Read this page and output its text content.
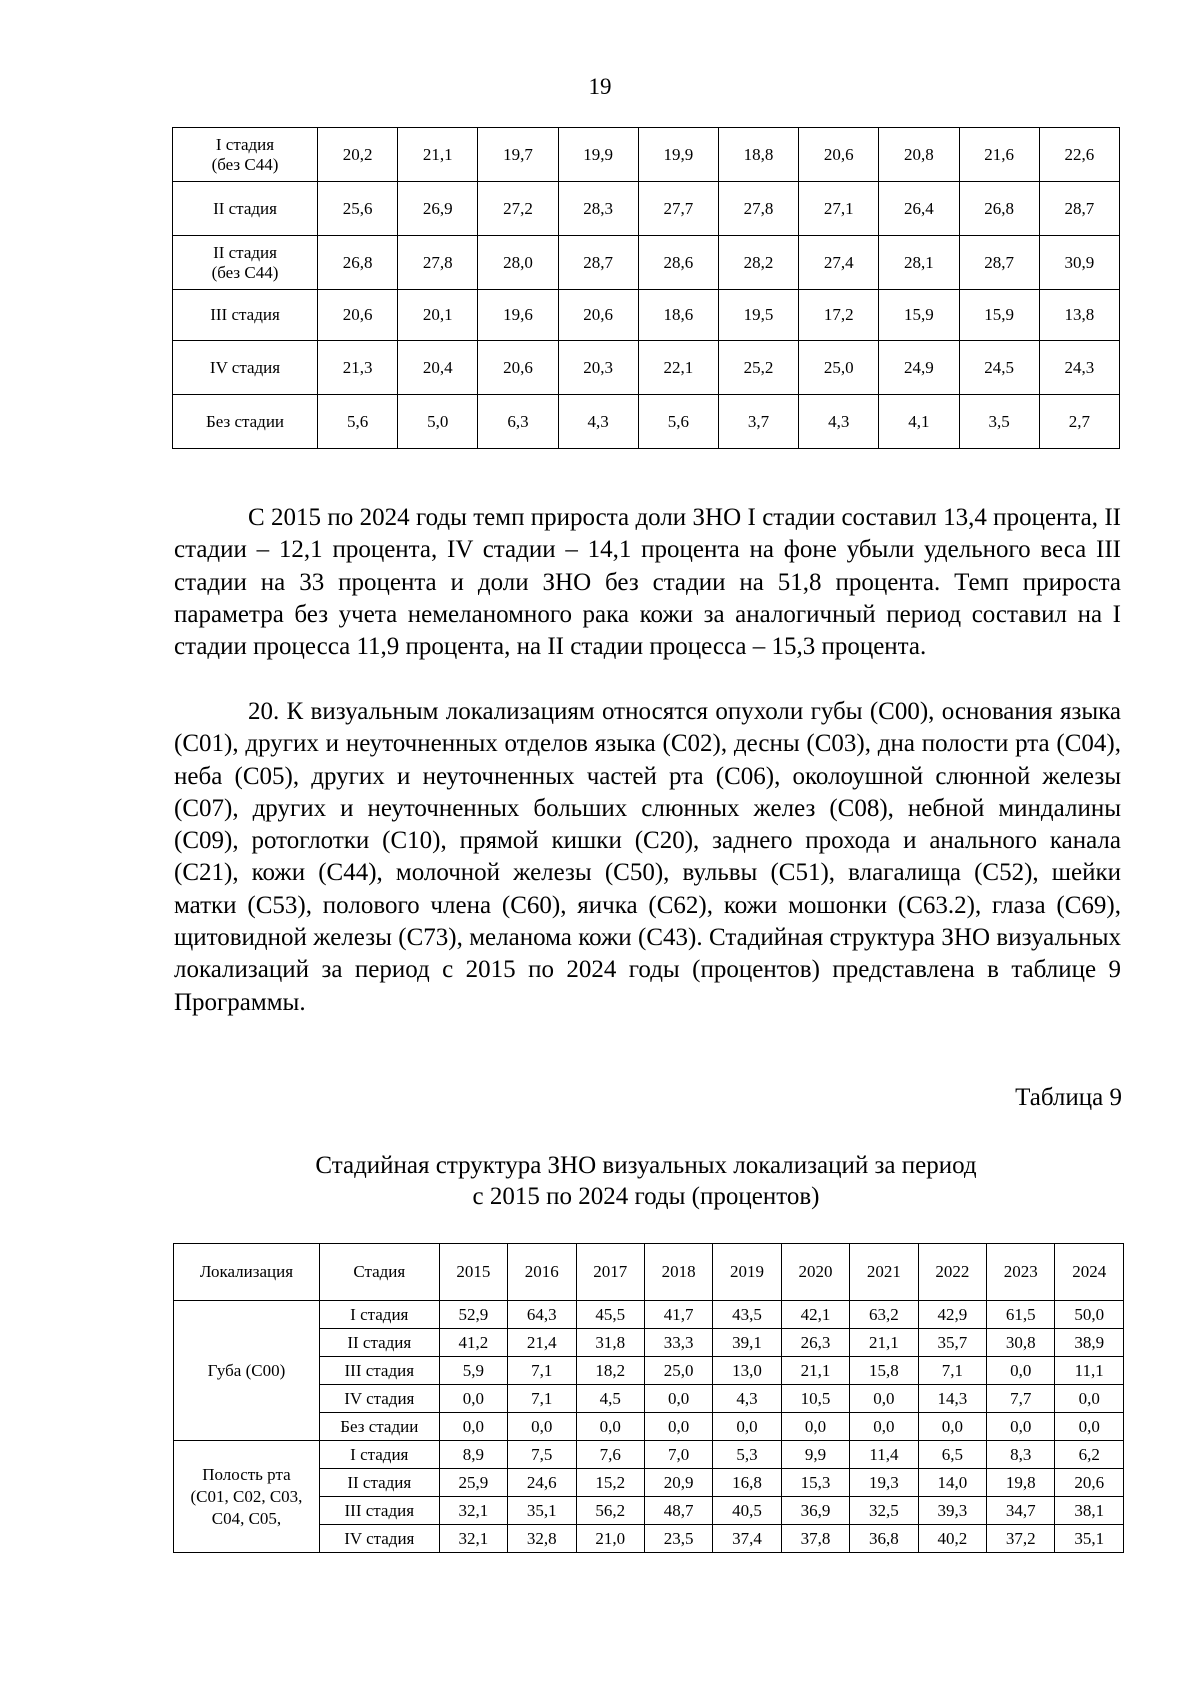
19
I стадия
(без С44)	20,2	21,1	19,7	19,9	19,9	18,8	20,6	20,8	21,6	22,6
II стадия	25,6	26,9	27,2	28,3	27,7	27,8	27,1	26,4	26,8	28,7
II стадия
(без С44)	26,8	27,8	28,0	28,7	28,6	28,2	27,4	28,1	28,7	30,9
III стадия	20,6	20,1	19,6	20,6	18,6	19,5	17,2	15,9	15,9	13,8
IV стадия	21,3	20,4	20,6	20,3	22,1	25,2	25,0	24,9	24,5	24,3
Без стадии	5,6	5,0	6,3	4,3	5,6	3,7	4,3	4,1	3,5	2,7

С 2015 по 2024 годы темп прироста доли ЗНО I стадии составил 13,4 процента, II стадии – 12,1 процента, IV стадии – 14,1 процента на фоне убыли удельного веса III стадии на 33 процента и доли ЗНО без стадии на 51,8 процента. Темп прироста параметра без учета немеланомного рака кожи за аналогичный период составил на I стадии процесса 11,9 процента, на II стадии процесса – 15,3 процента.

20. К визуальным локализациям относятся опухоли губы (С00), основания языка (С01), других и неуточненных отделов языка (С02), десны (С03), дна полости рта (С04), неба (С05), других и неуточненных частей рта (С06), околоушной слюнной железы (С07), других и неуточненных больших слюнных желез (С08), небной миндалины (С09), ротоглотки (С10), прямой кишки (С20), заднего прохода и анального канала (С21), кожи (С44), молочной железы (С50), вульвы (С51), влагалища (С52), шейки матки (С53), полового члена (С60), яичка (С62), кожи мошонки (С63.2), глаза (С69), щитовидной железы (С73), меланома кожи (С43). Стадийная структура ЗНО визуальных локализаций за период с 2015 по 2024 годы (процентов) представлена в таблице 9 Программы.

Таблица 9
Стадийная структура ЗНО визуальных локализаций за период
с 2015 по 2024 годы (процентов)
Локализация	Стадия	2015	2016	2017	2018	2019	2020	2021	2022	2023	2024
Губа (С00)	I стадия	52,9	64,3	45,5	41,7	43,5	42,1	63,2	42,9	61,5	50,0
	II стадия	41,2	21,4	31,8	33,3	39,1	26,3	21,1	35,7	30,8	38,9
	III стадия	5,9	7,1	18,2	25,0	13,0	21,1	15,8	7,1	0,0	11,1
	IV стадия	0,0	7,1	4,5	0,0	4,3	10,5	0,0	14,3	7,7	0,0
	Без стадии	0,0	0,0	0,0	0,0	0,0	0,0	0,0	0,0	0,0	0,0
Полость рта
(С01, С02, С03,
С04, С05,	I стадия	8,9	7,5	7,6	7,0	5,3	9,9	11,4	6,5	8,3	6,2
	II стадия	25,9	24,6	15,2	20,9	16,8	15,3	19,3	14,0	19,8	20,6
	III стадия	32,1	35,1	56,2	48,7	40,5	36,9	32,5	39,3	34,7	38,1
	IV стадия	32,1	32,8	21,0	23,5	37,4	37,8	36,8	40,2	37,2	35,1
